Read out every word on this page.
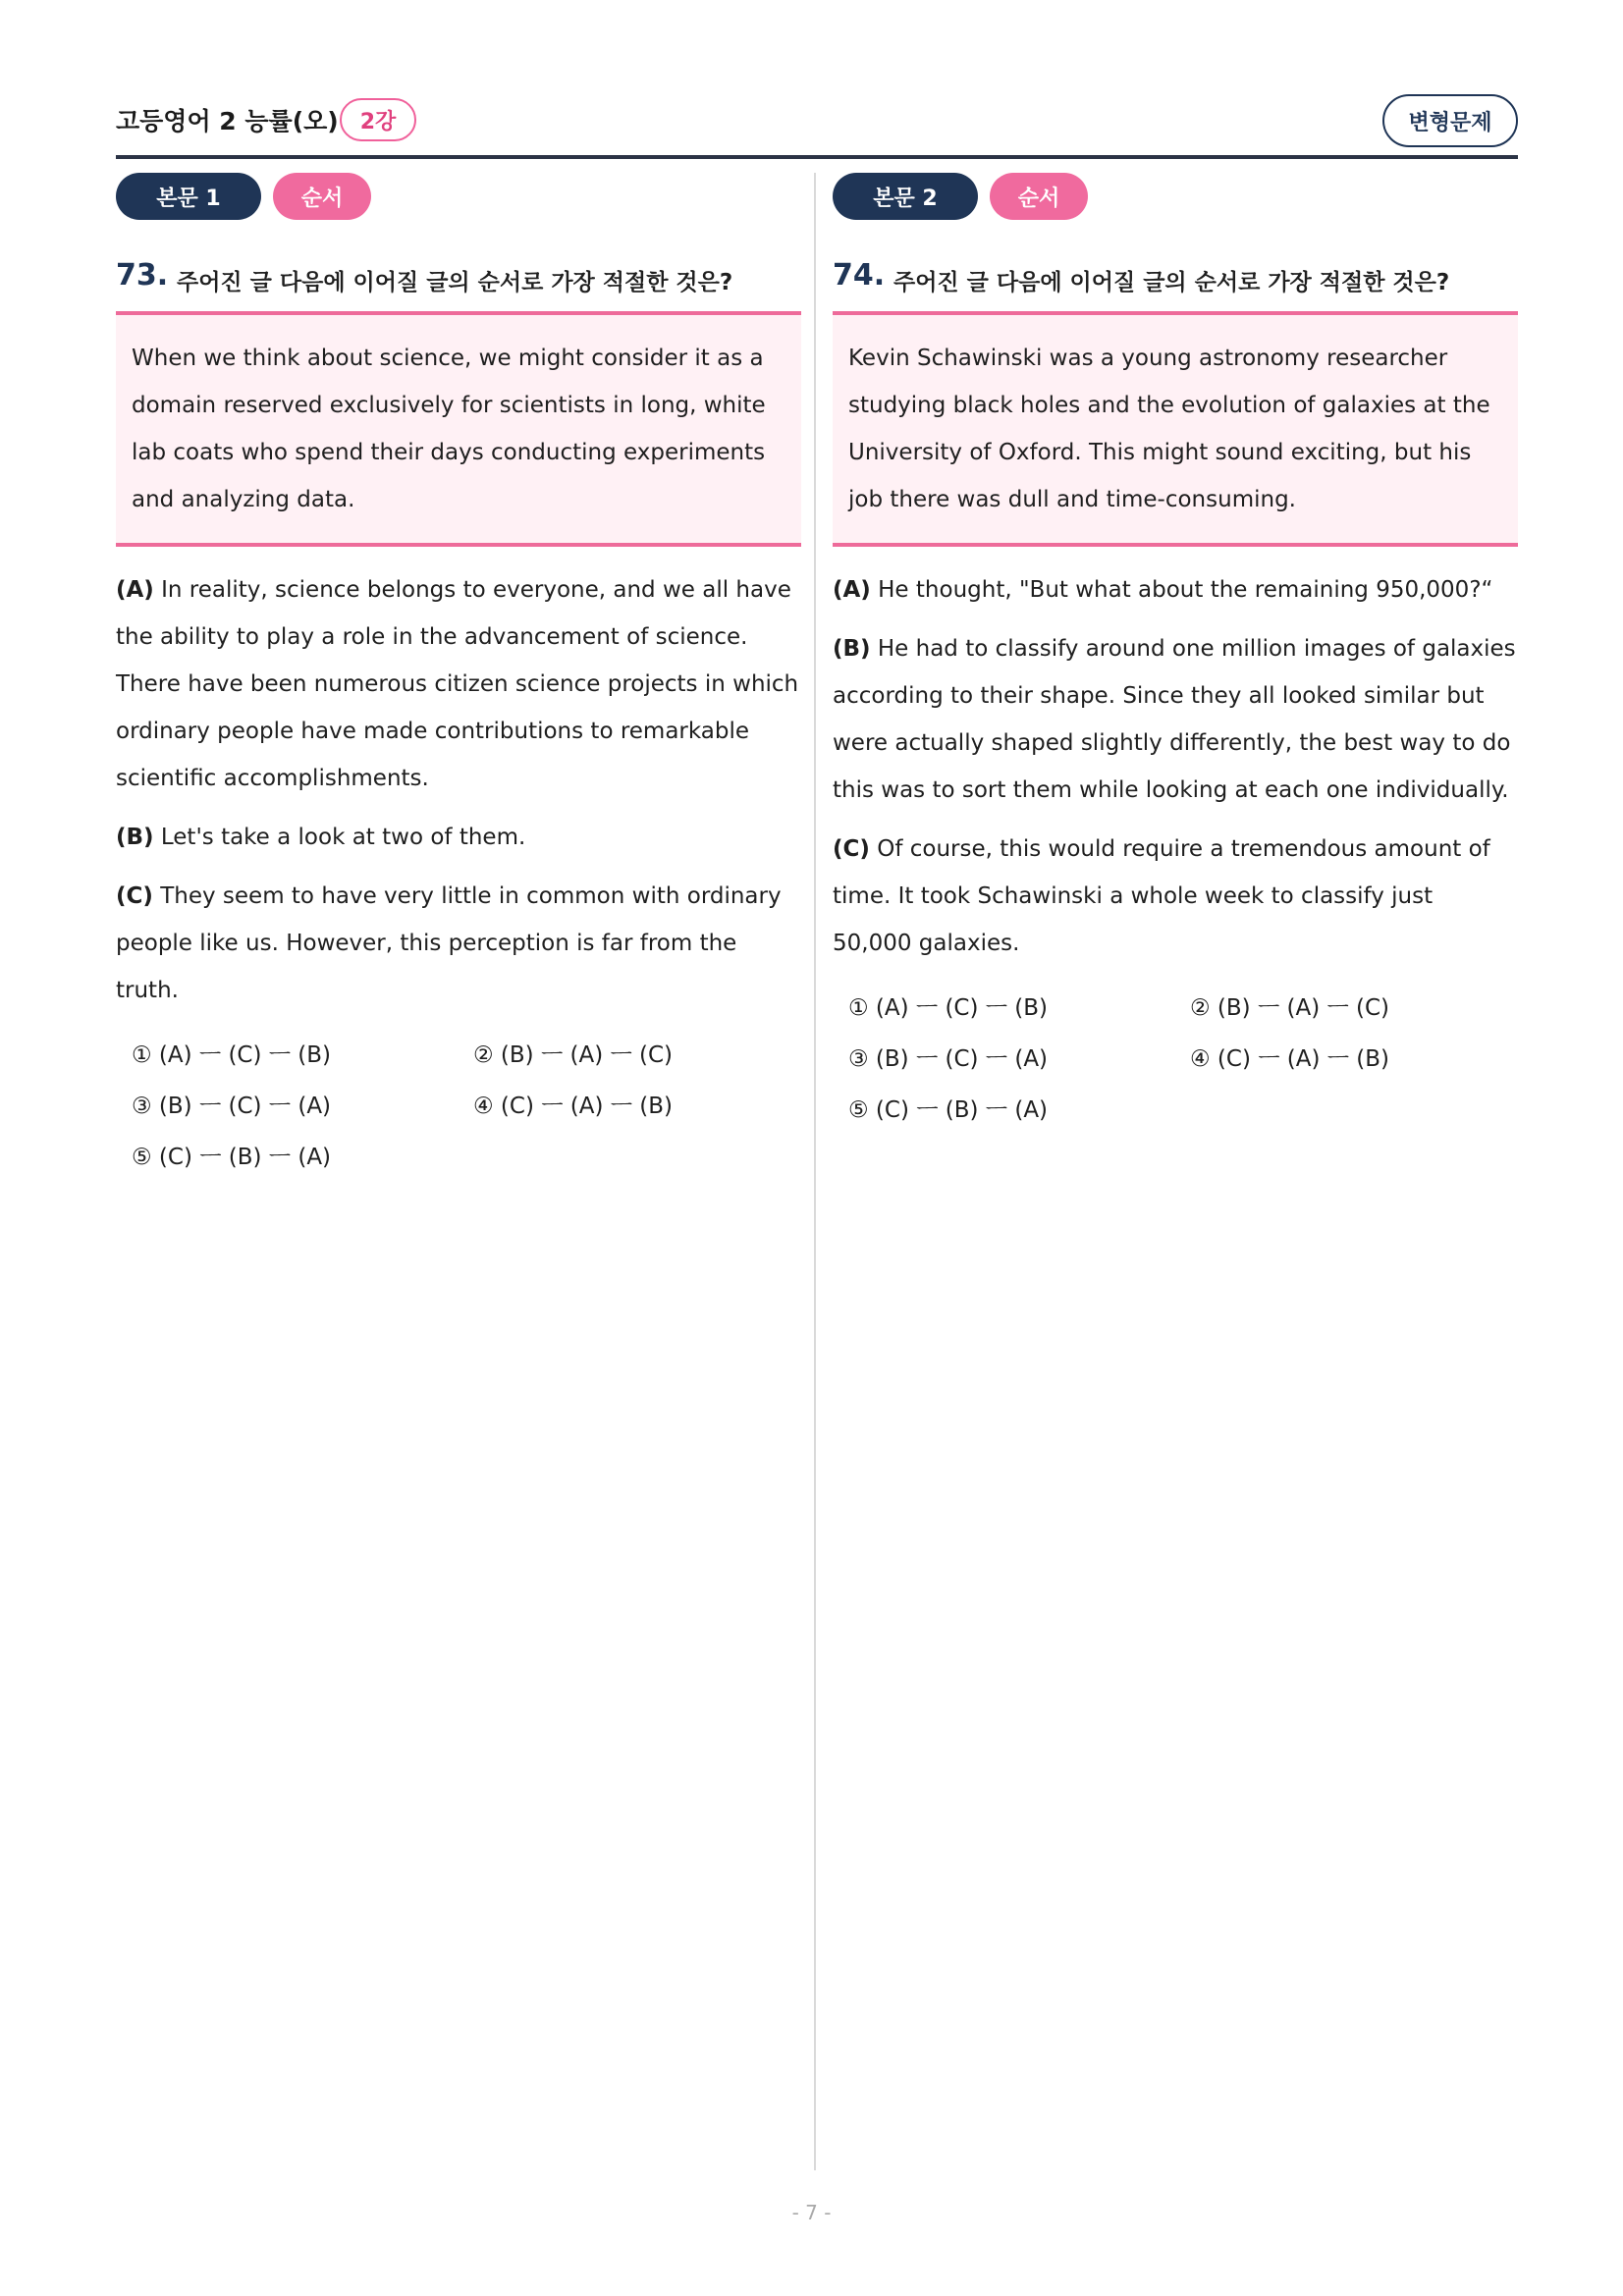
고등영어 2 능률(오)	2강	변형문제
본문 1	순서
73. 주어진 글 다음에 이어질 글의 순서로 가장 적절한 것은?
When we think about science, we might consider it as a domain reserved exclusively for scientists in long, white lab coats who spend their days conducting experiments and analyzing data.

(A) In reality, science belongs to everyone, and we all have the ability to play a role in the advancement of science. There have been numerous citizen science projects in which ordinary people have made contributions to remarkable scientific accomplishments.

(B) Let's take a look at two of them.

(C) They seem to have very little in common with ordinary people like us. However, this perception is far from the truth.

① (A) ㅡ (C) ㅡ (B)	② (B) ㅡ (A) ㅡ (C)
③ (B) ㅡ (C) ㅡ (A)	④ (C) ㅡ (A) ㅡ (B)
⑤ (C) ㅡ (B) ㅡ (A)
본문 2	순서
74. 주어진 글 다음에 이어질 글의 순서로 가장 적절한 것은?
Kevin Schawinski was a young astronomy researcher studying black holes and the evolution of galaxies at the University of Oxford. This might sound exciting, but his job there was dull and time-consuming.

(A) He thought, "But what about the remaining 950,000?“

(B) He had to classify around one million images of galaxies according to their shape. Since they all looked similar but were actually shaped slightly differently, the best way to do this was to sort them while looking at each one individually.

(C) Of course, this would require a tremendous amount of time. It took Schawinski a whole week to classify just 50,000 galaxies.

① (A) ㅡ (C) ㅡ (B)	② (B) ㅡ (A) ㅡ (C)
③ (B) ㅡ (C) ㅡ (A)	④ (C) ㅡ (A) ㅡ (B)
⑤ (C) ㅡ (B) ㅡ (A)
- 7 -
